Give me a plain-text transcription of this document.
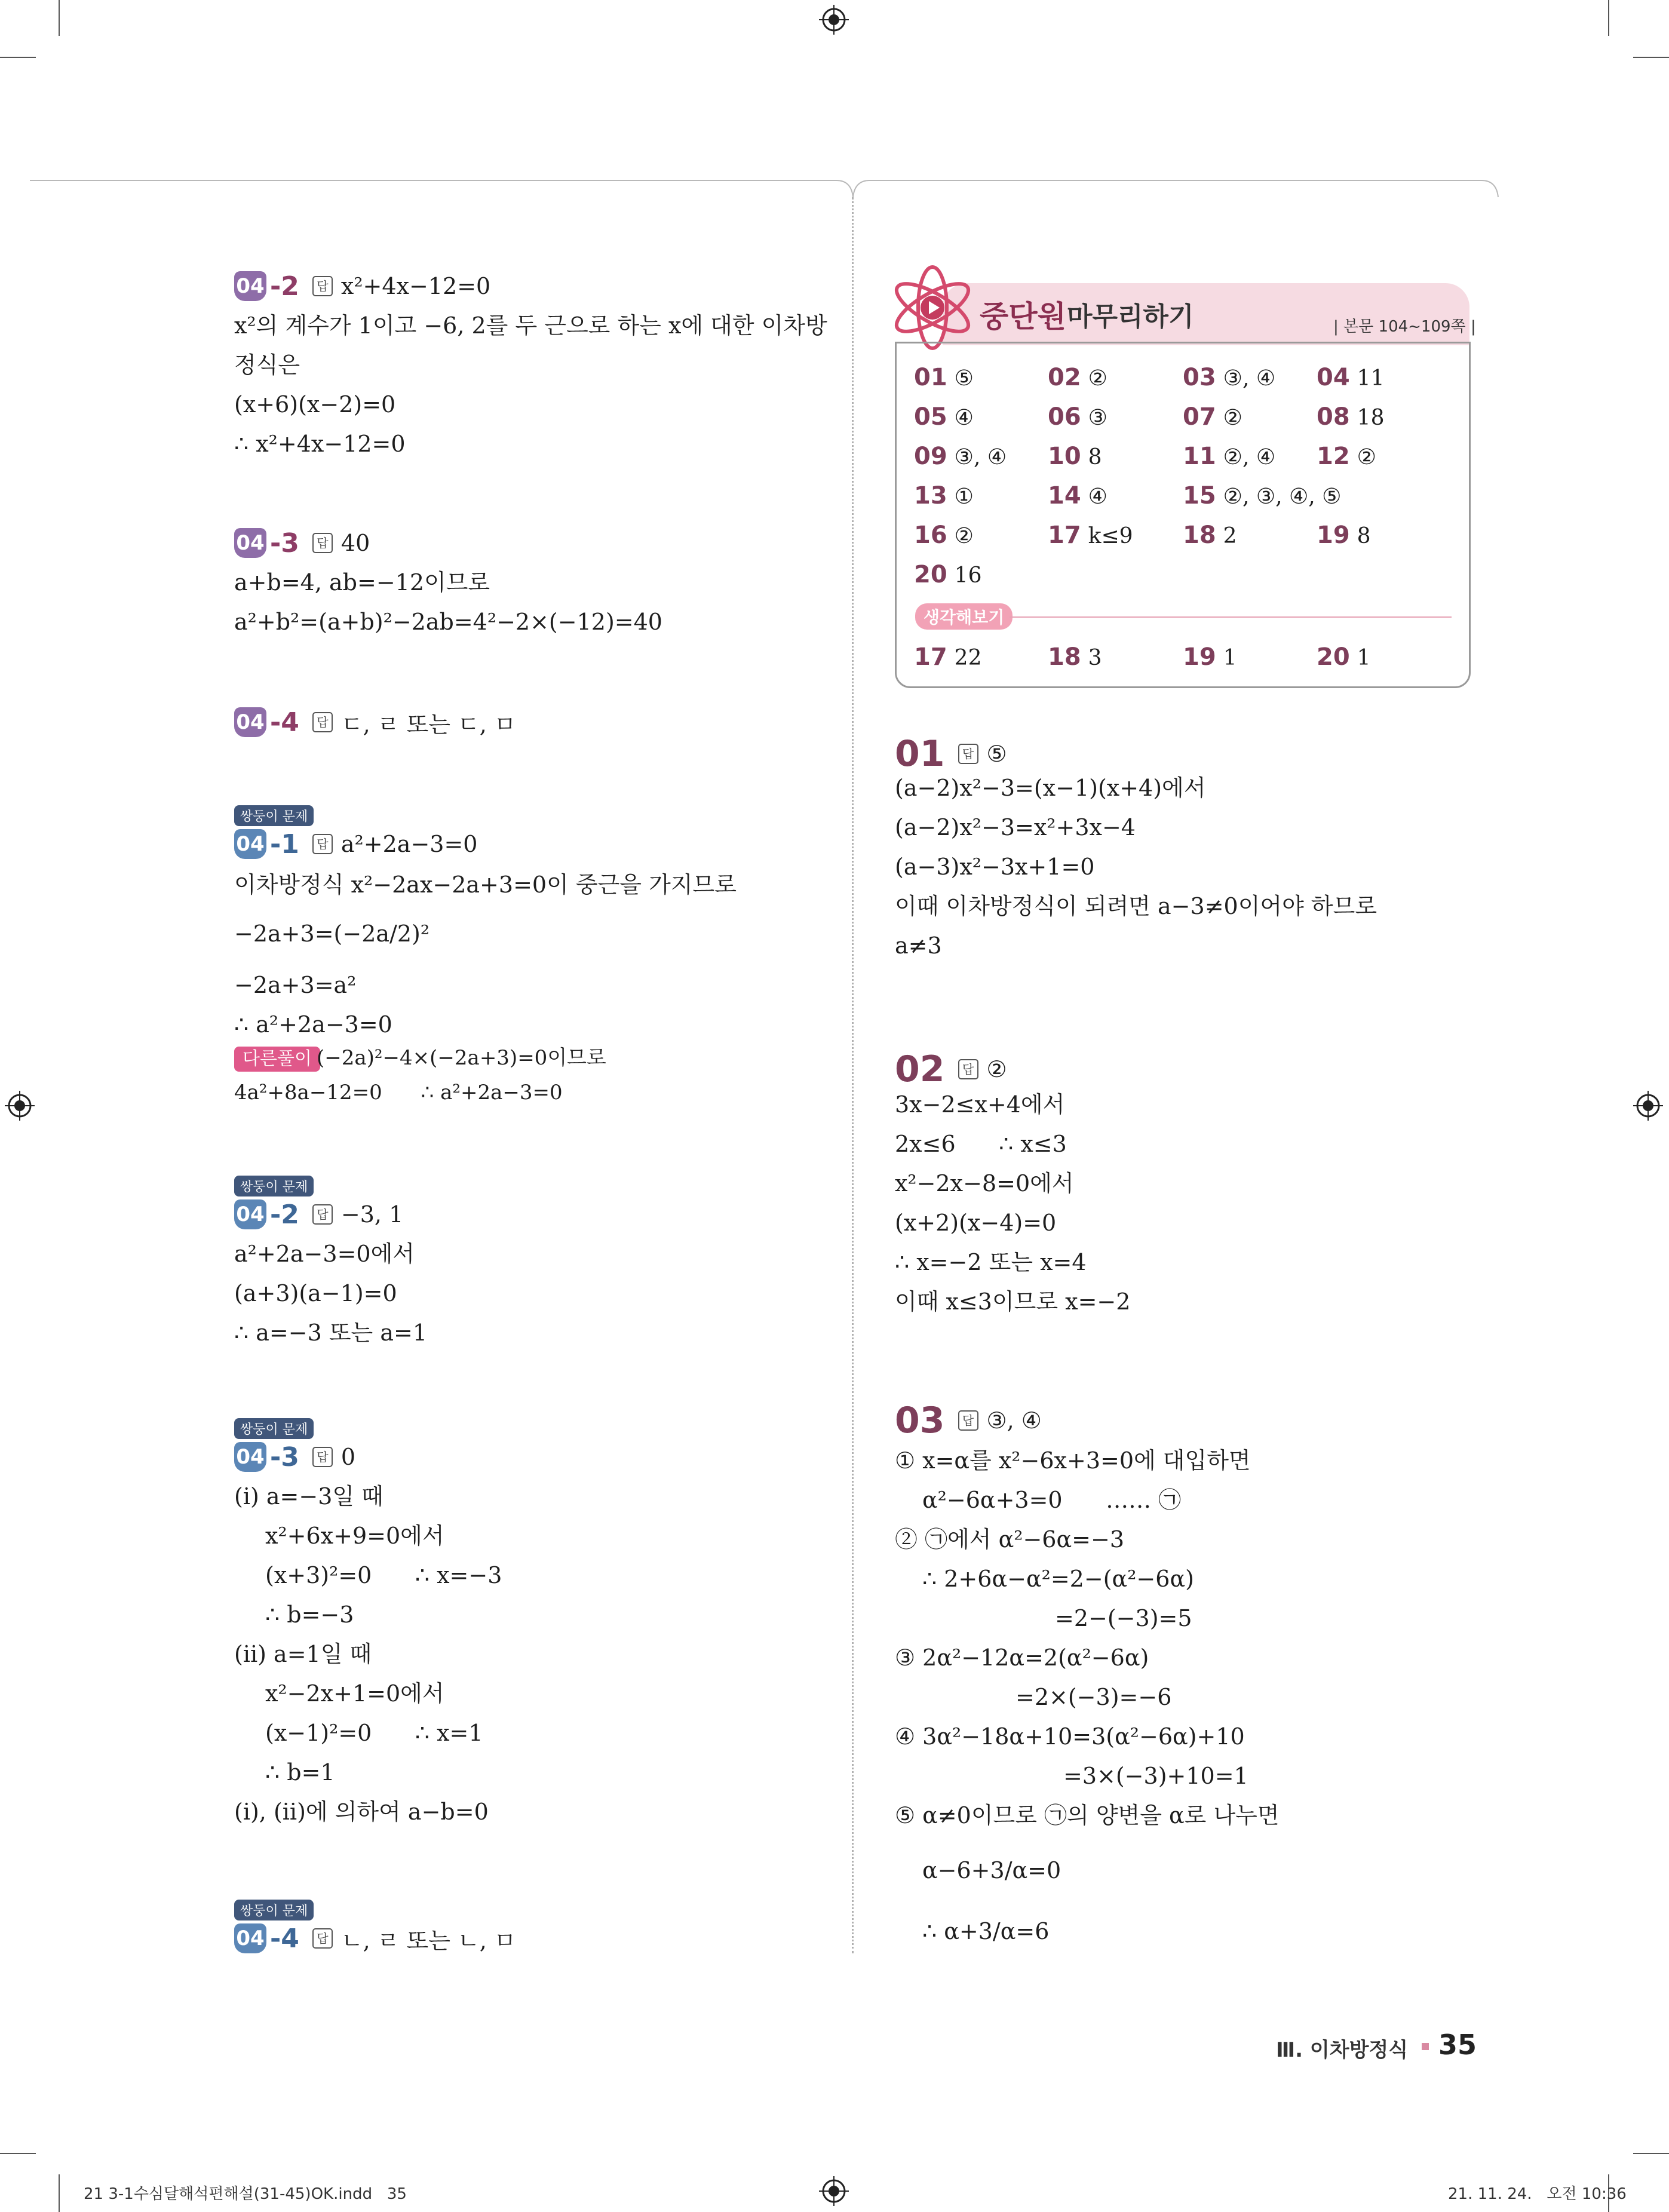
04 -2	답 x²+4x−12=0
x²의 계수가 1이고 −6, 2를 두 근으로 하는 x에 대한 이차방
정식은
(x+6)(x−2)=0
∴ x²+4x−12=0
04 -3	답 40
a+b=4, ab=−12이므로
a²+b²=(a+b)²−2ab=4²−2×(−12)=40
04 -4	답 ㄷ, ㄹ 또는 ㄷ, ㅁ
쌍둥이 문제
04 -1	답 a²+2a−3=0
이차방정식 x²−2ax−2a+3=0이 중근을 가지므로
−2a+3=(−2a/2)²
−2a+3=a²
∴ a²+2a−3=0
다른풀이 (−2a)²−4×(−2a+3)=0이므로
4a²+8a−12=0      ∴ a²+2a−3=0
쌍둥이 문제
04 -2	답 −3, 1
a²+2a−3=0에서
(a+3)(a−1)=0
∴ a=−3 또는 a=1
쌍둥이 문제
04 -3	답 0
(ⅰ) a=−3일 때
x²+6x+9=0에서
(x+3)²=0      ∴ x=−3
∴ b=−3
(ⅱ) a=1일 때
x²−2x+1=0에서
(x−1)²=0      ∴ x=1
∴ b=1
(ⅰ), (ⅱ)에 의하여 a−b=0
쌍둥이 문제
04 -4	답 ㄴ, ㄹ 또는 ㄴ, ㅁ
중단원 마무리하기	| 본문 104~109쪽 |
01 ⑤	02 ②	03 ③, ④ 04 11
05 ④	06 ③	07 ②	08 18
09 ③, ④ 10 8	11 ②, ④ 12 ②
13 ①	14 ④	15 ②, ③, ④, ⑤
16 ②	17 k≤9 18 2	19 8
20 16
생각해보기
17 22	18 3	19 1	20 1
01	답 ⑤
(a−2)x²−3=(x−1)(x+4)에서
(a−2)x²−3=x²+3x−4
(a−3)x²−3x+1=0
이때 이차방정식이 되려면 a−3≠0이어야 하므로
a≠3
02	답 ②
3x−2≤x+4에서
2x≤6      ∴ x≤3
x²−2x−8=0에서
(x+2)(x−4)=0
∴ x=−2 또는 x=4
이때 x≤3이므로 x=−2
03	답 ③, ④
① x=α를 x²−6x+3=0에 대입하면
α²−6α+3=0      …… ㉠
② ㉠에서 α²−6α=−3
∴ 2+6α−α²=2−(α²−6α)
=2−(−3)=5
③ 2α²−12α=2(α²−6α)
=2×(−3)=−6
④ 3α²−18α+10=3(α²−6α)+10
=3×(−3)+10=1
⑤ α≠0이므로 ㉠의 양변을 α로 나누면
α−6+3/α=0
∴ α+3/α=6
Ⅲ. 이차방정식 35
21 3-1수심달해석편해설(31-45)OK.indd   35	21. 11. 24.   오전 10:36
